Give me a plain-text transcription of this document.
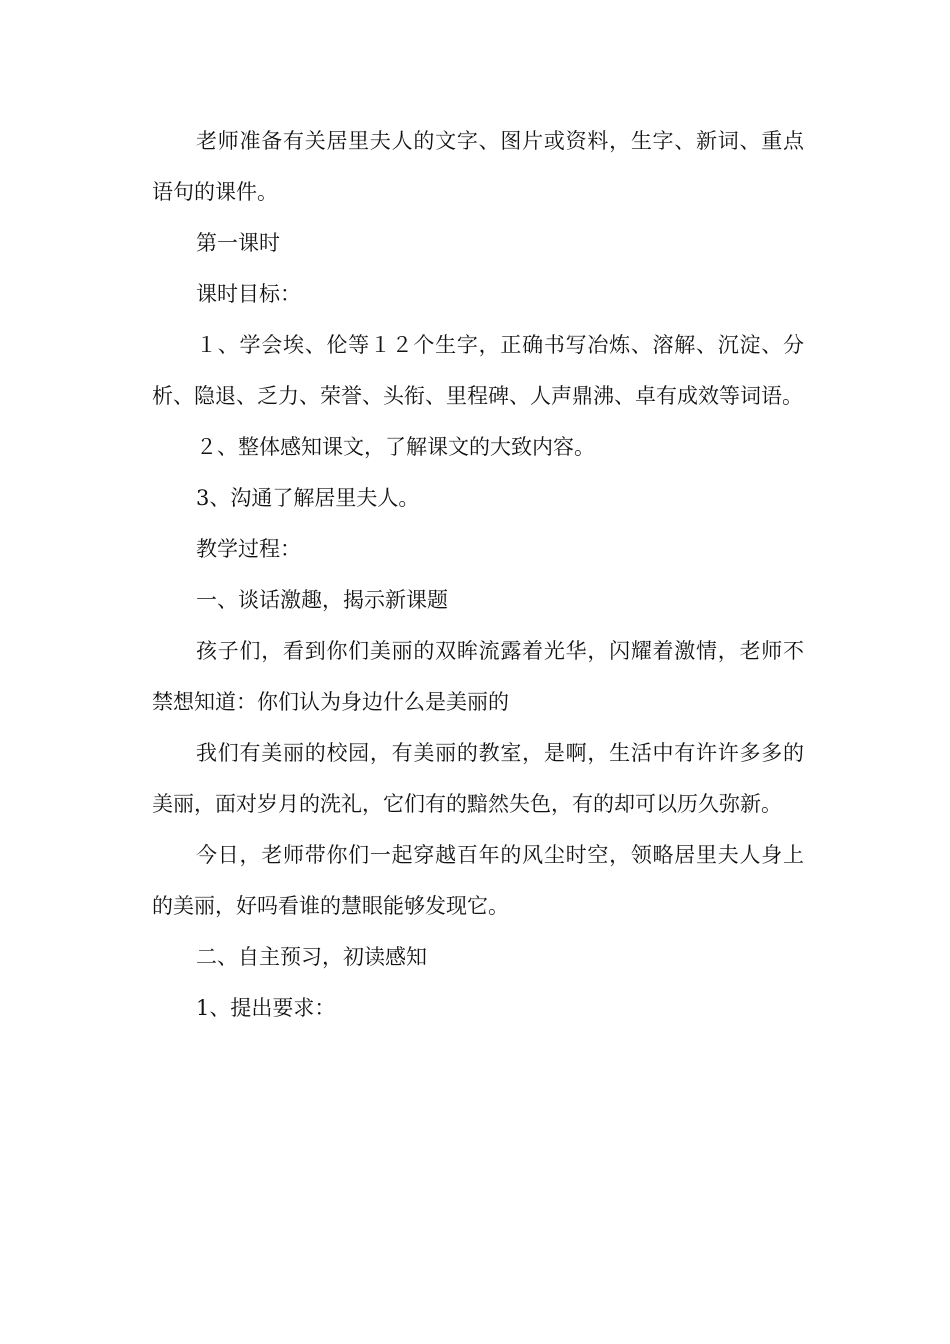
老师准备有关居里夫人的文字、图片或资料，生字、新词、重点语句的课件。

第一课时

课时目标：

１、学会埃、伦等１２个生字，正确书写冶炼、溶解、沉淀、分析、隐退、乏力、荣誉、头衔、里程碑、人声鼎沸、卓有成效等词语。

２、整体感知课文，了解课文的大致内容。

3、沟通了解居里夫人。

教学过程：

一、谈话激趣，揭示新课题

孩子们，看到你们美丽的双眸流露着光华，闪耀着激情，老师不禁想知道：你们认为身边什么是美丽的

我们有美丽的校园，有美丽的教室，是啊，生活中有许许多多的美丽，面对岁月的洗礼，它们有的黯然失色，有的却可以历久弥新。

今日，老师带你们一起穿越百年的风尘时空，领略居里夫人身上的美丽，好吗看谁的慧眼能够发现它。

二、自主预习，初读感知

1、提出要求：
